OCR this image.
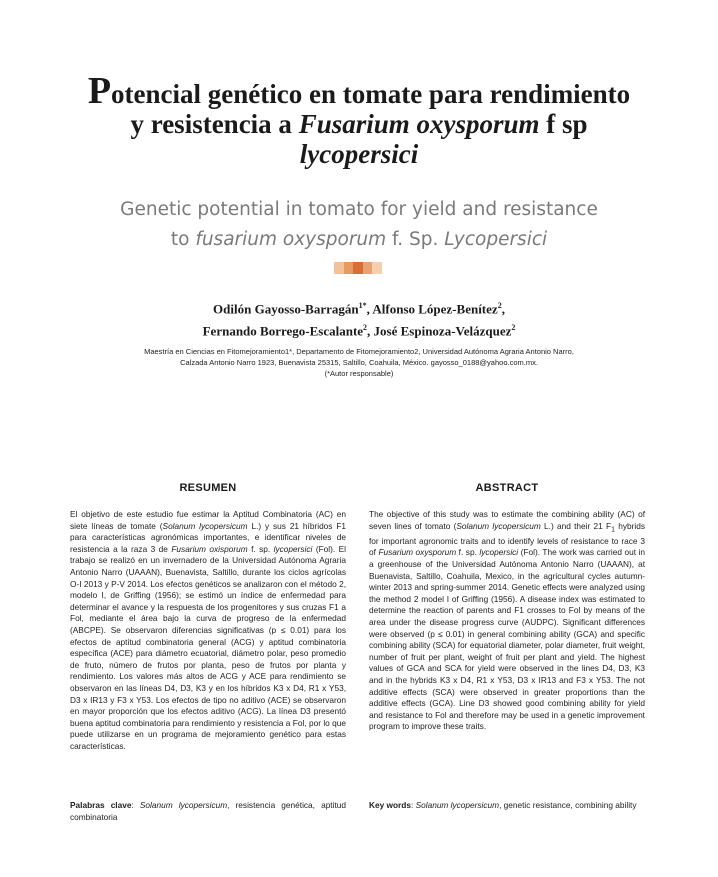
Potencial genético en tomate para rendimiento
y resistencia a Fusarium oxysporum f sp
lycopersici
Genetic potential in tomato for yield and resistance
to fusarium oxysporum f. Sp. Lycopersici
Odilón Gayosso-Barragán$^{1*}$, Alfonso López-Benítez$^2$,
Fernando Borrego-Escalante$^2$, José Espinoza-Velázquez$^2$
Maestría en Ciencias en Fitomejoramiento1*, Departamento de Fitomejoramiento2, Universidad Autónoma Agraria Antonio Narro,
Calzada Antonio Narro 1923, Buenavista 25315, Saltillo, Coahuila, México. gayosso_0188@yahoo.com.mx.
(*Autor responsable)
RESUMEN

El objetivo de este estudio fue estimar la Aptitud Combinatoria (AC) en siete líneas de tomate (Solanum lycopersicum L.) y sus 21 híbridos F1 para características agronómicas importantes, e identificar niveles de resistencia a la raza 3 de Fusarium oxisporum f. sp. lycopersici (Fol). El trabajo se realizó en un invernadero de la Universidad Autónoma Agraria Antonio Narro (UAAAN), Buenavista, Saltillo, durante los ciclos agrícolas O-I 2013 y P-V 2014. Los efectos genéticos se analizaron con el método 2, modelo I, de Griffing (1956); se estimó un índice de enfermedad para determinar el avance y la respuesta de los progenitores y sus cruzas F1 a Fol, mediante el área bajo la curva de progreso de la enfermedad (ABCPE). Se observaron diferencias significativas (p ≤ 0.01) para los efectos de aptitud combinatoria general (ACG) y aptitud combinatoria específica (ACE) para diámetro ecuatorial, diámetro polar, peso promedio de fruto, número de frutos por planta, peso de frutos por planta y rendimiento. Los valores más altos de ACG y ACE para rendimiento se observaron en las líneas D4, D3, K3 y en los híbridos K3 x D4, R1 x Y53, D3 x IR13 y F3 x Y53. Los efectos de tipo no aditivo (ACE) se observaron en mayor proporción que los efectos aditivo (ACG). La línea D3 presentó buena aptitud combinatoria para rendimiento y resistencia a Fol, por lo que puede utilizarse en un programa de mejoramiento genético para estas características.

Palabras clave: Solanum lycopersicum, resistencia genética, aptitud combinatoria
ABSTRACT

The objective of this study was to estimate the combining ability (AC) of seven lines of tomato (Solanum lycopersicum L.) and their 21 $F_1$ hybrids for important agronomic traits and to identify levels of resistance to race 3 of Fusarium oxysporum f. sp. lycopersici (Fol). The work was carried out in a greenhouse of the Universidad Autónoma Antonio Narro (UAAAN), at Buenavista, Saltillo, Coahuila, Mexico, in the agricultural cycles autumn-winter 2013 and spring-summer 2014. Genetic effects were analyzed using the method 2 model I of Griffing (1956). A disease index was estimated to determine the reaction of parents and F1 crosses to Fol by means of the area under the disease progress curve (AUDPC). Significant differences were observed (p ≤ 0.01) in general combining ability (GCA) and specific combining ability (SCA) for equatorial diameter, polar diameter, fruit weight, number of fruit per plant, weight of fruit per plant and yield. The highest values of GCA and SCA for yield were observed in the lines D4, D3, K3 and in the hybrids K3 x D4, R1 x Y53, D3 x IR13 and F3 x Y53. The not additive effects (SCA) were observed in greater proportions than the additive effects (GCA). Line D3 showed good combining ability for yield and resistance to Fol and therefore may be used in a genetic improvement program to improve these traits.

Key words: Solanum lycopersicum, genetic resistance, combining ability
